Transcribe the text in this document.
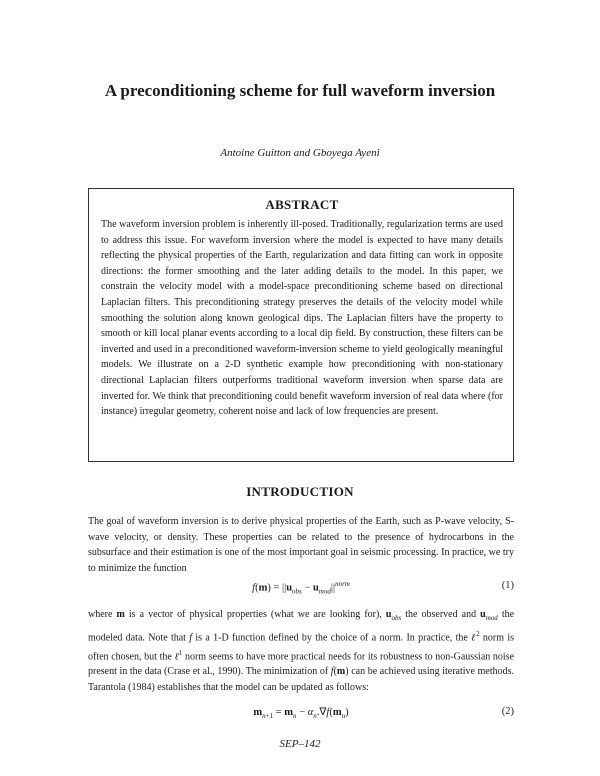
A preconditioning scheme for full waveform inversion
Antoine Guitton and Gboyega Ayeni
ABSTRACT
The waveform inversion problem is inherently ill-posed. Traditionally, regularization terms are used to address this issue. For waveform inversion where the model is expected to have many details reflecting the physical properties of the Earth, regularization and data fitting can work in opposite directions: the former smoothing and the later adding details to the model. In this paper, we constrain the velocity model with a model-space preconditioning scheme based on directional Laplacian filters. This preconditioning strategy preserves the details of the velocity model while smoothing the solution along known geological dips. The Laplacian filters have the property to smooth or kill local planar events according to a local dip field. By construction, these filters can be inverted and used in a preconditioned waveform-inversion scheme to yield geologically meaningful models. We illustrate on a 2-D synthetic example how preconditioning with non-stationary directional Laplacian filters outperforms traditional waveform inversion when sparse data are inverted for. We think that preconditioning could benefit waveform inversion of real data where (for instance) irregular geometry, coherent noise and lack of low frequencies are present.
INTRODUCTION
The goal of waveform inversion is to derive physical properties of the Earth, such as P-wave velocity, S-wave velocity, or density. These properties can be related to the presence of hydrocarbons in the subsurface and their estimation is one of the most important goal in seismic processing. In practice, we try to minimize the function
$f(m) = ||u_{obs} - u_{mod}||^{norm}$	(1)
where m is a vector of physical properties (what we are looking for), $u_{obs}$ the observed and $u_{mod}$ the modeled data. Note that f is a 1-D function defined by the choice of a norm. In practice, the ℓ$^2$ norm is often chosen, but the ℓ$^1$ norm seems to have more practical needs for its robustness to non-Gaussian noise present in the data (Crase et al., 1990). The minimization of f(m) can be achieved using iterative methods. Tarantola (1984) establishes that the model can be updated as follows:
$m_{n+1} = m_n - \alpha_n.\nabla f(m_n)$	(2)
SEP–142
